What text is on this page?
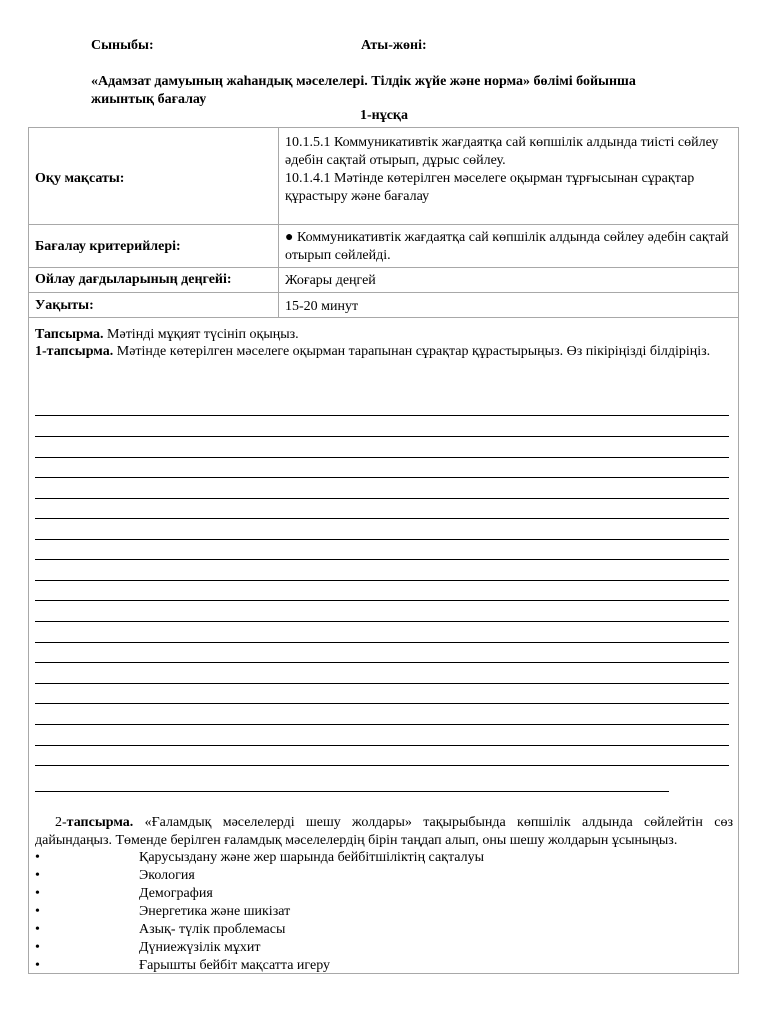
Сыныбы:	Аты-жөні:
«Адамзат дамуының жаһандық мәселелері. Тілдік жүйе және норма» бөлімі бойынша жиынтық бағалау
1-нұсқа
Оқу мақсаты:
10.1.5.1 Коммуникативтік жағдаятқа сай көпшілік алдында тиісті сөйлеу әдебін сақтай отырып, дұрыс сөйлеу.
10.1.4.1 Мәтінде көтерілген мәселеге оқырман тұрғысынан сұрақтар құрастыру және бағалау
Бағалау критерийлері:
● Коммуникативтік жағдаятқа сай көпшілік алдында сөйлеу әдебін сақтай отырып сөйлейді.
Ойлау дағдыларының деңгейі:	Жоғары деңгей
Уақыты:	15-20 минут

Тапсырма. Мәтінді мұқият түсініп оқыңыз.

1-тапсырма. Мәтінде көтерілген мәселеге оқырман тарапынан сұрақтар құрастырыңыз. Өз пікіріңізді білдіріңіз.

2-тапсырма. «Ғаламдық мәселелерді шешу жолдары» тақырыбында көпшілік алдында сөйлейтін сөз дайындаңыз. Төменде берілген ғаламдық мәселелердің бірін таңдап алып, оны шешу жолдарын ұсыныңыз.
•	Қарусыздану және жер шарында бейбітшіліктің сақталуы
•	Экология
•	Демография
•	Энергетика және шикізат
•	Азық- түлік проблемасы
•	Дүниежүзілік мұхит
•	Ғарышты бейбіт мақсатта игеру
